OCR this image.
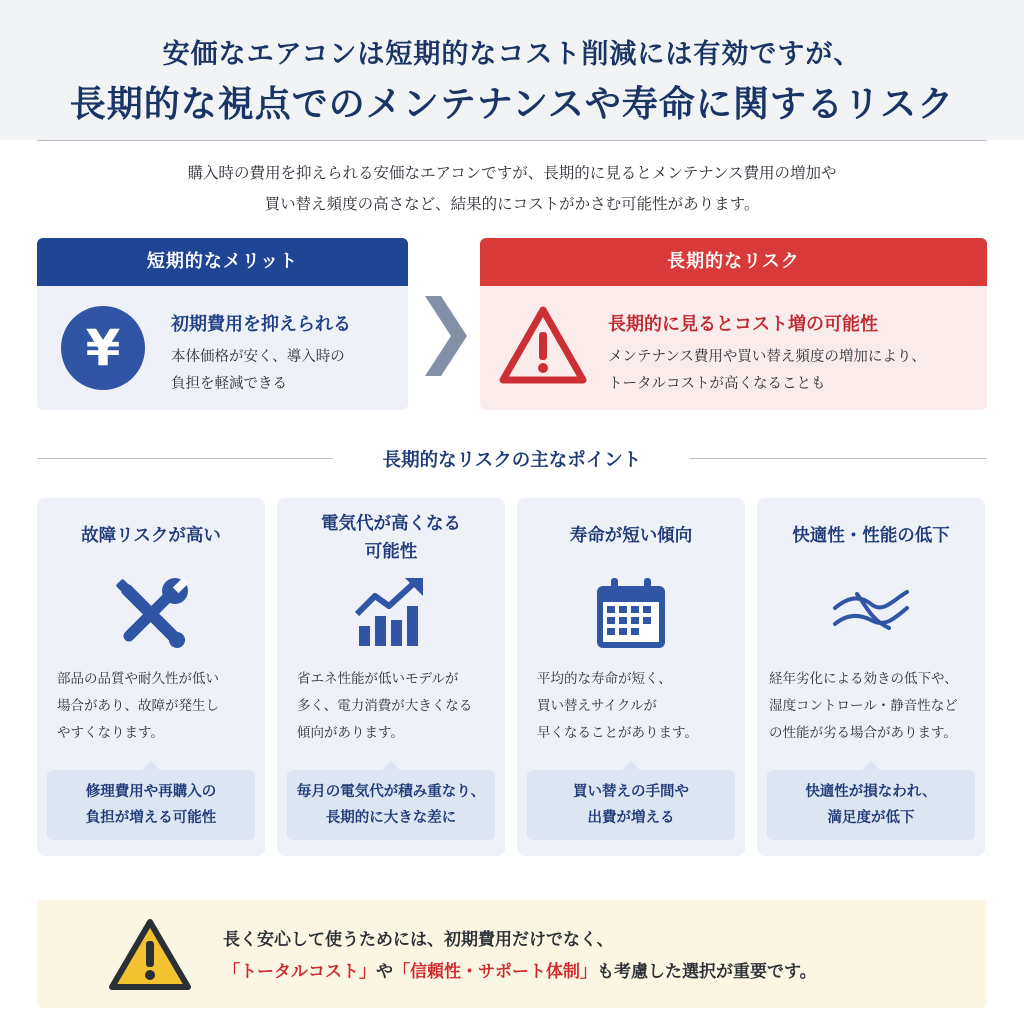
安価なエアコンは短期的なコスト削減には有効ですが、
長期的な視点でのメンテナンスや寿命に関するリスク
購入時の費用を抑えられる安価なエアコンですが、長期的に見るとメンテナンス費用の増加や
買い替え頻度の高さなど、結果的にコストがかさむ可能性があります。
短期的なメリット
¥	初期費用を抑えられる
本体価格が安く、導入時の
負担を軽減できる
長期的なリスク
長期的に見るとコスト増の可能性
メンテナンス費用や買い替え頻度の増加により、
トータルコストが高くなることも
長期的なリスクの主なポイント
故障リスクが高い
部品の品質や耐久性が低い
場合があり、故障が発生し
やすくなります。
修理費用や再購入の
負担が増える可能性
電気代が高くなる
可能性
省エネ性能が低いモデルが
多く、電力消費が大きくなる
傾向があります。
毎月の電気代が積み重なり、
長期的に大きな差に
寿命が短い傾向
平均的な寿命が短く、
買い替えサイクルが
早くなることがあります。
買い替えの手間や
出費が増える
快適性・性能の低下
経年劣化による効きの低下や、
湿度コントロール・静音性など
の性能が劣る場合があります。
快適性が損なわれ、
満足度が低下
長く安心して使うためには、初期費用だけでなく、
「トータルコスト」や「信頼性・サポート体制」も考慮した選択が重要です。
